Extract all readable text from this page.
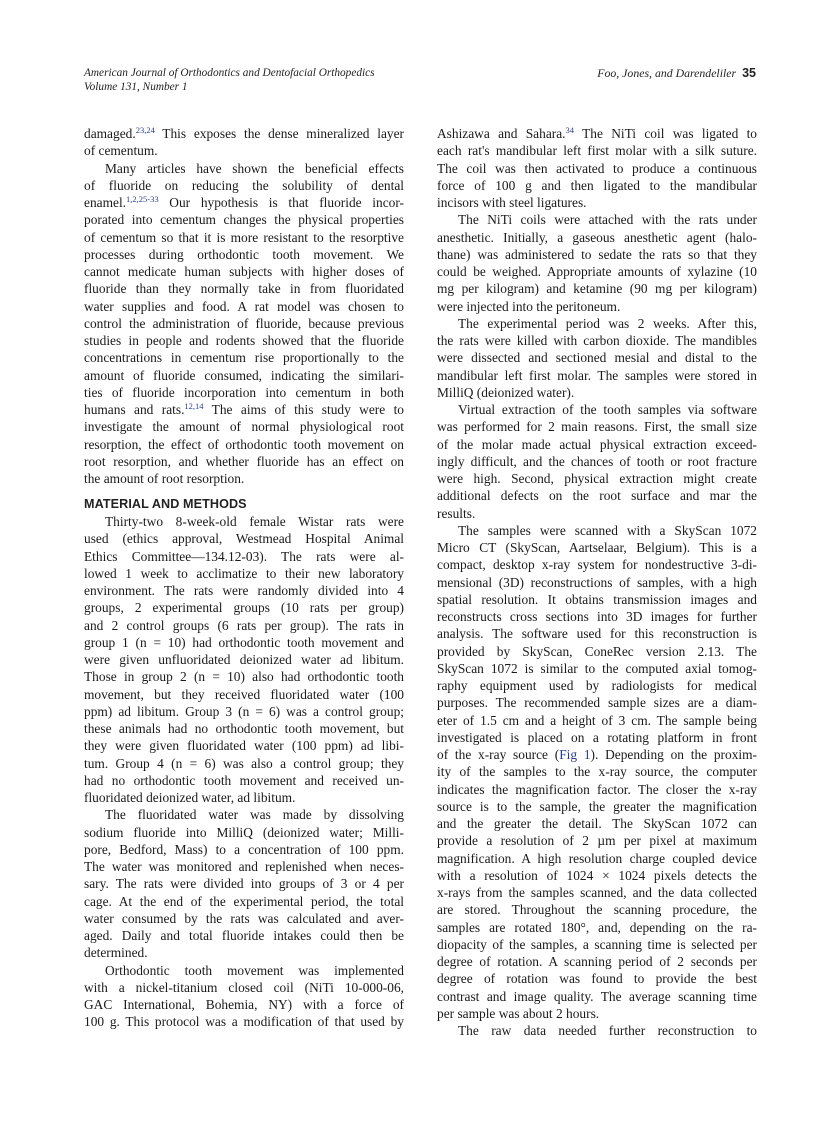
American Journal of Orthodontics and Dentofacial Orthopedics
Volume 131, Number 1
Foo, Jones, and Darendeliler 35
damaged.$^{23,24}$ This exposes the dense mineralized layer
of cementum.
Many articles have shown the beneficial effects
of fluoride on reducing the solubility of dental
enamel.$^{1,2,25-33}$ Our hypothesis is that fluoride incor-
porated into cementum changes the physical properties
of cementum so that it is more resistant to the resorptive
processes during orthodontic tooth movement. We
cannot medicate human subjects with higher doses of
fluoride than they normally take in from fluoridated
water supplies and food. A rat model was chosen to
control the administration of fluoride, because previous
studies in people and rodents showed that the fluoride
concentrations in cementum rise proportionally to the
amount of fluoride consumed, indicating the similari-
ties of fluoride incorporation into cementum in both
humans and rats.$^{12,14}$ The aims of this study were to
investigate the amount of normal physiological root
resorption, the effect of orthodontic tooth movement on
root resorption, and whether fluoride has an effect on
the amount of root resorption.
MATERIAL AND METHODS
Thirty-two 8-week-old female Wistar rats were
used (ethics approval, Westmead Hospital Animal
Ethics Committee—134.12-03). The rats were al-
lowed 1 week to acclimatize to their new laboratory
environment. The rats were randomly divided into 4
groups, 2 experimental groups (10 rats per group)
and 2 control groups (6 rats per group). The rats in
group 1 (n = 10) had orthodontic tooth movement and
were given unfluoridated deionized water ad libitum.
Those in group 2 (n = 10) also had orthodontic tooth
movement, but they received fluoridated water (100
ppm) ad libitum. Group 3 (n = 6) was a control group;
these animals had no orthodontic tooth movement, but
they were given fluoridated water (100 ppm) ad libi-
tum. Group 4 (n = 6) was also a control group; they
had no orthodontic tooth movement and received un-
fluoridated deionized water, ad libitum.
The fluoridated water was made by dissolving
sodium fluoride into MilliQ (deionized water; Milli-
pore, Bedford, Mass) to a concentration of 100 ppm.
The water was monitored and replenished when neces-
sary. The rats were divided into groups of 3 or 4 per
cage. At the end of the experimental period, the total
water consumed by the rats was calculated and aver-
aged. Daily and total fluoride intakes could then be
determined.
Orthodontic tooth movement was implemented
with a nickel-titanium closed coil (NiTi 10-000-06,
GAC International, Bohemia, NY) with a force of
100 g. This protocol was a modification of that used by
Ashizawa and Sahara.$^{34}$ The NiTi coil was ligated to
each rat's mandibular left first molar with a silk suture.
The coil was then activated to produce a continuous
force of 100 g and then ligated to the mandibular
incisors with steel ligatures.
The NiTi coils were attached with the rats under
anesthetic. Initially, a gaseous anesthetic agent (halo-
thane) was administered to sedate the rats so that they
could be weighed. Appropriate amounts of xylazine (10
mg per kilogram) and ketamine (90 mg per kilogram)
were injected into the peritoneum.
The experimental period was 2 weeks. After this,
the rats were killed with carbon dioxide. The mandibles
were dissected and sectioned mesial and distal to the
mandibular left first molar. The samples were stored in
MilliQ (deionized water).
Virtual extraction of the tooth samples via software
was performed for 2 main reasons. First, the small size
of the molar made actual physical extraction exceed-
ingly difficult, and the chances of tooth or root fracture
were high. Second, physical extraction might create
additional defects on the root surface and mar the
results.
The samples were scanned with a SkyScan 1072
Micro CT (SkyScan, Aartselaar, Belgium). This is a
compact, desktop x-ray system for nondestructive 3-di-
mensional (3D) reconstructions of samples, with a high
spatial resolution. It obtains transmission images and
reconstructs cross sections into 3D images for further
analysis. The software used for this reconstruction is
provided by SkyScan, ConeRec version 2.13. The
SkyScan 1072 is similar to the computed axial tomog-
raphy equipment used by radiologists for medical
purposes. The recommended sample sizes are a diam-
eter of 1.5 cm and a height of 3 cm. The sample being
investigated is placed on a rotating platform in front
of the x-ray source (Fig 1). Depending on the proxim-
ity of the samples to the x-ray source, the computer
indicates the magnification factor. The closer the x-ray
source is to the sample, the greater the magnification
and the greater the detail. The SkyScan 1072 can
provide a resolution of 2 µm per pixel at maximum
magnification. A high resolution charge coupled device
with a resolution of 1024 × 1024 pixels detects the
x-rays from the samples scanned, and the data collected
are stored. Throughout the scanning procedure, the
samples are rotated 180°, and, depending on the ra-
diopacity of the samples, a scanning time is selected per
degree of rotation. A scanning period of 2 seconds per
degree of rotation was found to provide the best
contrast and image quality. The average scanning time
per sample was about 2 hours.
The raw data needed further reconstruction to
